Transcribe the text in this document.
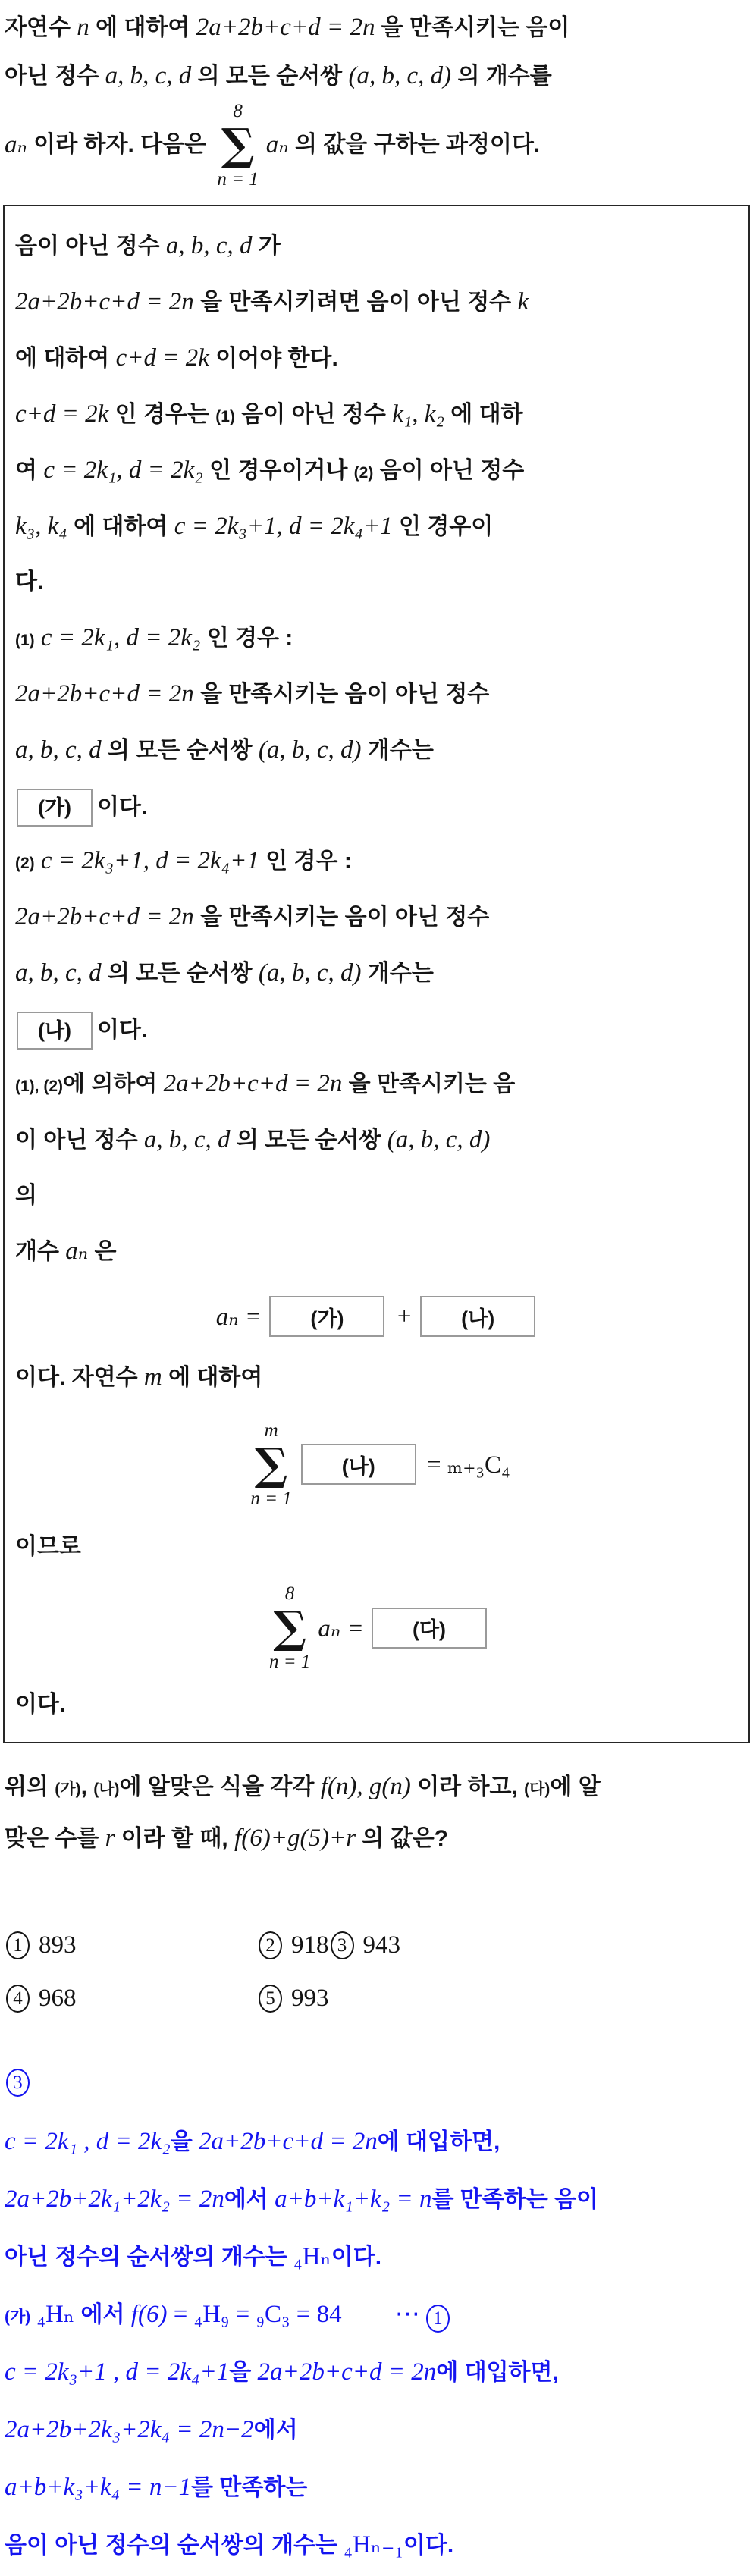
자연수 n 에 대하여 2a+2b+c+d = 2n 을 만족시키는 음이
아닌 정수 a, b, c, d 의 모든 순서쌍 (a, b, c, d) 의 개수를
aₙ 이라 하자. 다음은
8
∑
n = 1
aₙ 의 값을 구하는 과정이다.
음이 아닌 정수 a, b, c, d 가
2a+2b+c+d = 2n 을 만족시키려면 음이 아닌 정수 k
에 대하여 c+d = 2k 이어야 한다.
c+d = 2k 인 경우는 (1) 음이 아닌 정수 k₁, k₂ 에 대하
여 c = 2k₁, d = 2k₂ 인 경우이거나 (2) 음이 아닌 정수
k₃, k₄ 에 대하여 c = 2k₃+1, d = 2k₄+1 인 경우이
다.
(1) c = 2k₁, d = 2k₂ 인 경우 :
2a+2b+c+d = 2n 을 만족시키는 음이 아닌 정수
a, b, c, d 의 모든 순서쌍 (a, b, c, d) 개수는
(가)	이다.
(2) c = 2k₃+1, d = 2k₄+1 인 경우 :
2a+2b+c+d = 2n 을 만족시키는 음이 아닌 정수
a, b, c, d 의 모든 순서쌍 (a, b, c, d) 개수는
(나)	이다.
(1), (2)에 의하여 2a+2b+c+d = 2n 을 만족시키는 음
이 아닌 정수 a, b, c, d 의 모든 순서쌍 (a, b, c, d)
의
개수 aₙ 은
aₙ =	(가)	+	(나)
이다. 자연수 m 에 대하여
m
∑
n = 1
(나)	= ₘ₊₃C₄
이므로
8
∑
n = 1
aₙ =	(다)
이다.
위의 (가), (나)에 알맞은 식을 각각 f(n), g(n) 이라 하고, (다)에 알
맞은 수를 r 이라 할 때, f(6)+g(5)+r 의 값은?
1 893	2 918 3 943
4 968	5 993
3
c = 2k₁ , d = 2k₂을 2a+2b+c+d = 2n에 대입하면,
2a+2b+2k₁+2k₂ = 2n에서 a+b+k₁+k₂ = n를 만족하는 음이
아닌 정수의 순서쌍의 개수는 ₄Hₙ이다.
(가) ₄Hₙ 에서 f(6) = ₄H₉ = ₉C₃ = 84 ⋯ 1
c = 2k₃+1 , d = 2k₄+1을 2a+2b+c+d = 2n에 대입하면,
2a+2b+2k₃+2k₄ = 2n−2에서
a+b+k₃+k₄ = n−1를 만족하는
음이 아닌 정수의 순서쌍의 개수는 ₄Hₙ₋₁이다.
